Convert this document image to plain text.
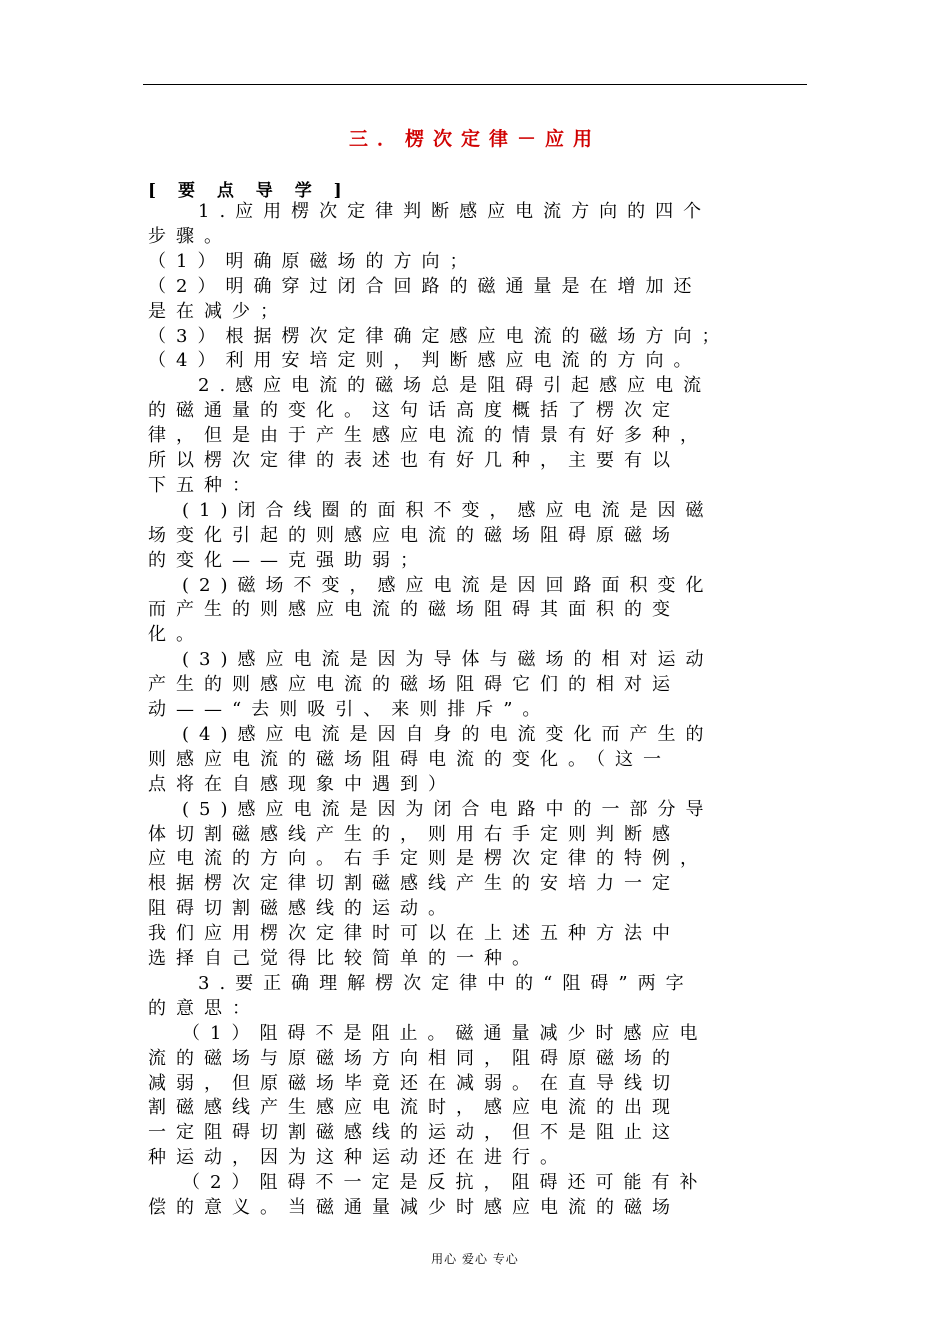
三．楞次定律－应用
[ 要 点 导 学 ]
1.应用楞次定律判断感应电流方向的四个
步骤。
（1）明确原磁场的方向；
（2）明确穿过闭合回路的磁通量是在增加还
是在减少；
（3）根据楞次定律确定感应电流的磁场方向；
（4）利用安培定则，判断感应电流的方向。
2.感应电流的磁场总是阻碍引起感应电流
的磁通量的变化。这句话高度概括了楞次定
律，但是由于产生感应电流的情景有好多种，
所以楞次定律的表述也有好几种，主要有以
下五种：
(1)闭合线圈的面积不变，感应电流是因磁
场变化引起的则感应电流的磁场阻碍原磁场
的变化——克强助弱；
(2)磁场不变，感应电流是因回路面积变化
而产生的则感应电流的磁场阻碍其面积的变
化。
(3)感应电流是因为导体与磁场的相对运动
产生的则感应电流的磁场阻碍它们的相对运
动——“去则吸引、来则排斥”。
(4)感应电流是因自身的电流变化而产生的
则感应电流的磁场阻碍电流的变化。（这一
点将在自感现象中遇到）
(5)感应电流是因为闭合电路中的一部分导
体切割磁感线产生的，则用右手定则判断感
应电流的方向。右手定则是楞次定律的特例，
根据楞次定律切割磁感线产生的安培力一定
阻碍切割磁感线的运动。
我们应用楞次定律时可以在上述五种方法中
选择自己觉得比较简单的一种。
3.要正确理解楞次定律中的“阻碍”两字
的意思：
（1）阻碍不是阻止。磁通量减少时感应电
流的磁场与原磁场方向相同，阻碍原磁场的
减弱，但原磁场毕竟还在减弱。在直导线切
割磁感线产生感应电流时，感应电流的出现
一定阻碍切割磁感线的运动，但不是阻止这
种运动，因为这种运动还在进行。
（2）阻碍不一定是反抗，阻碍还可能有补
偿的意义。当磁通量减少时感应电流的磁场
用心 爱心 专心
